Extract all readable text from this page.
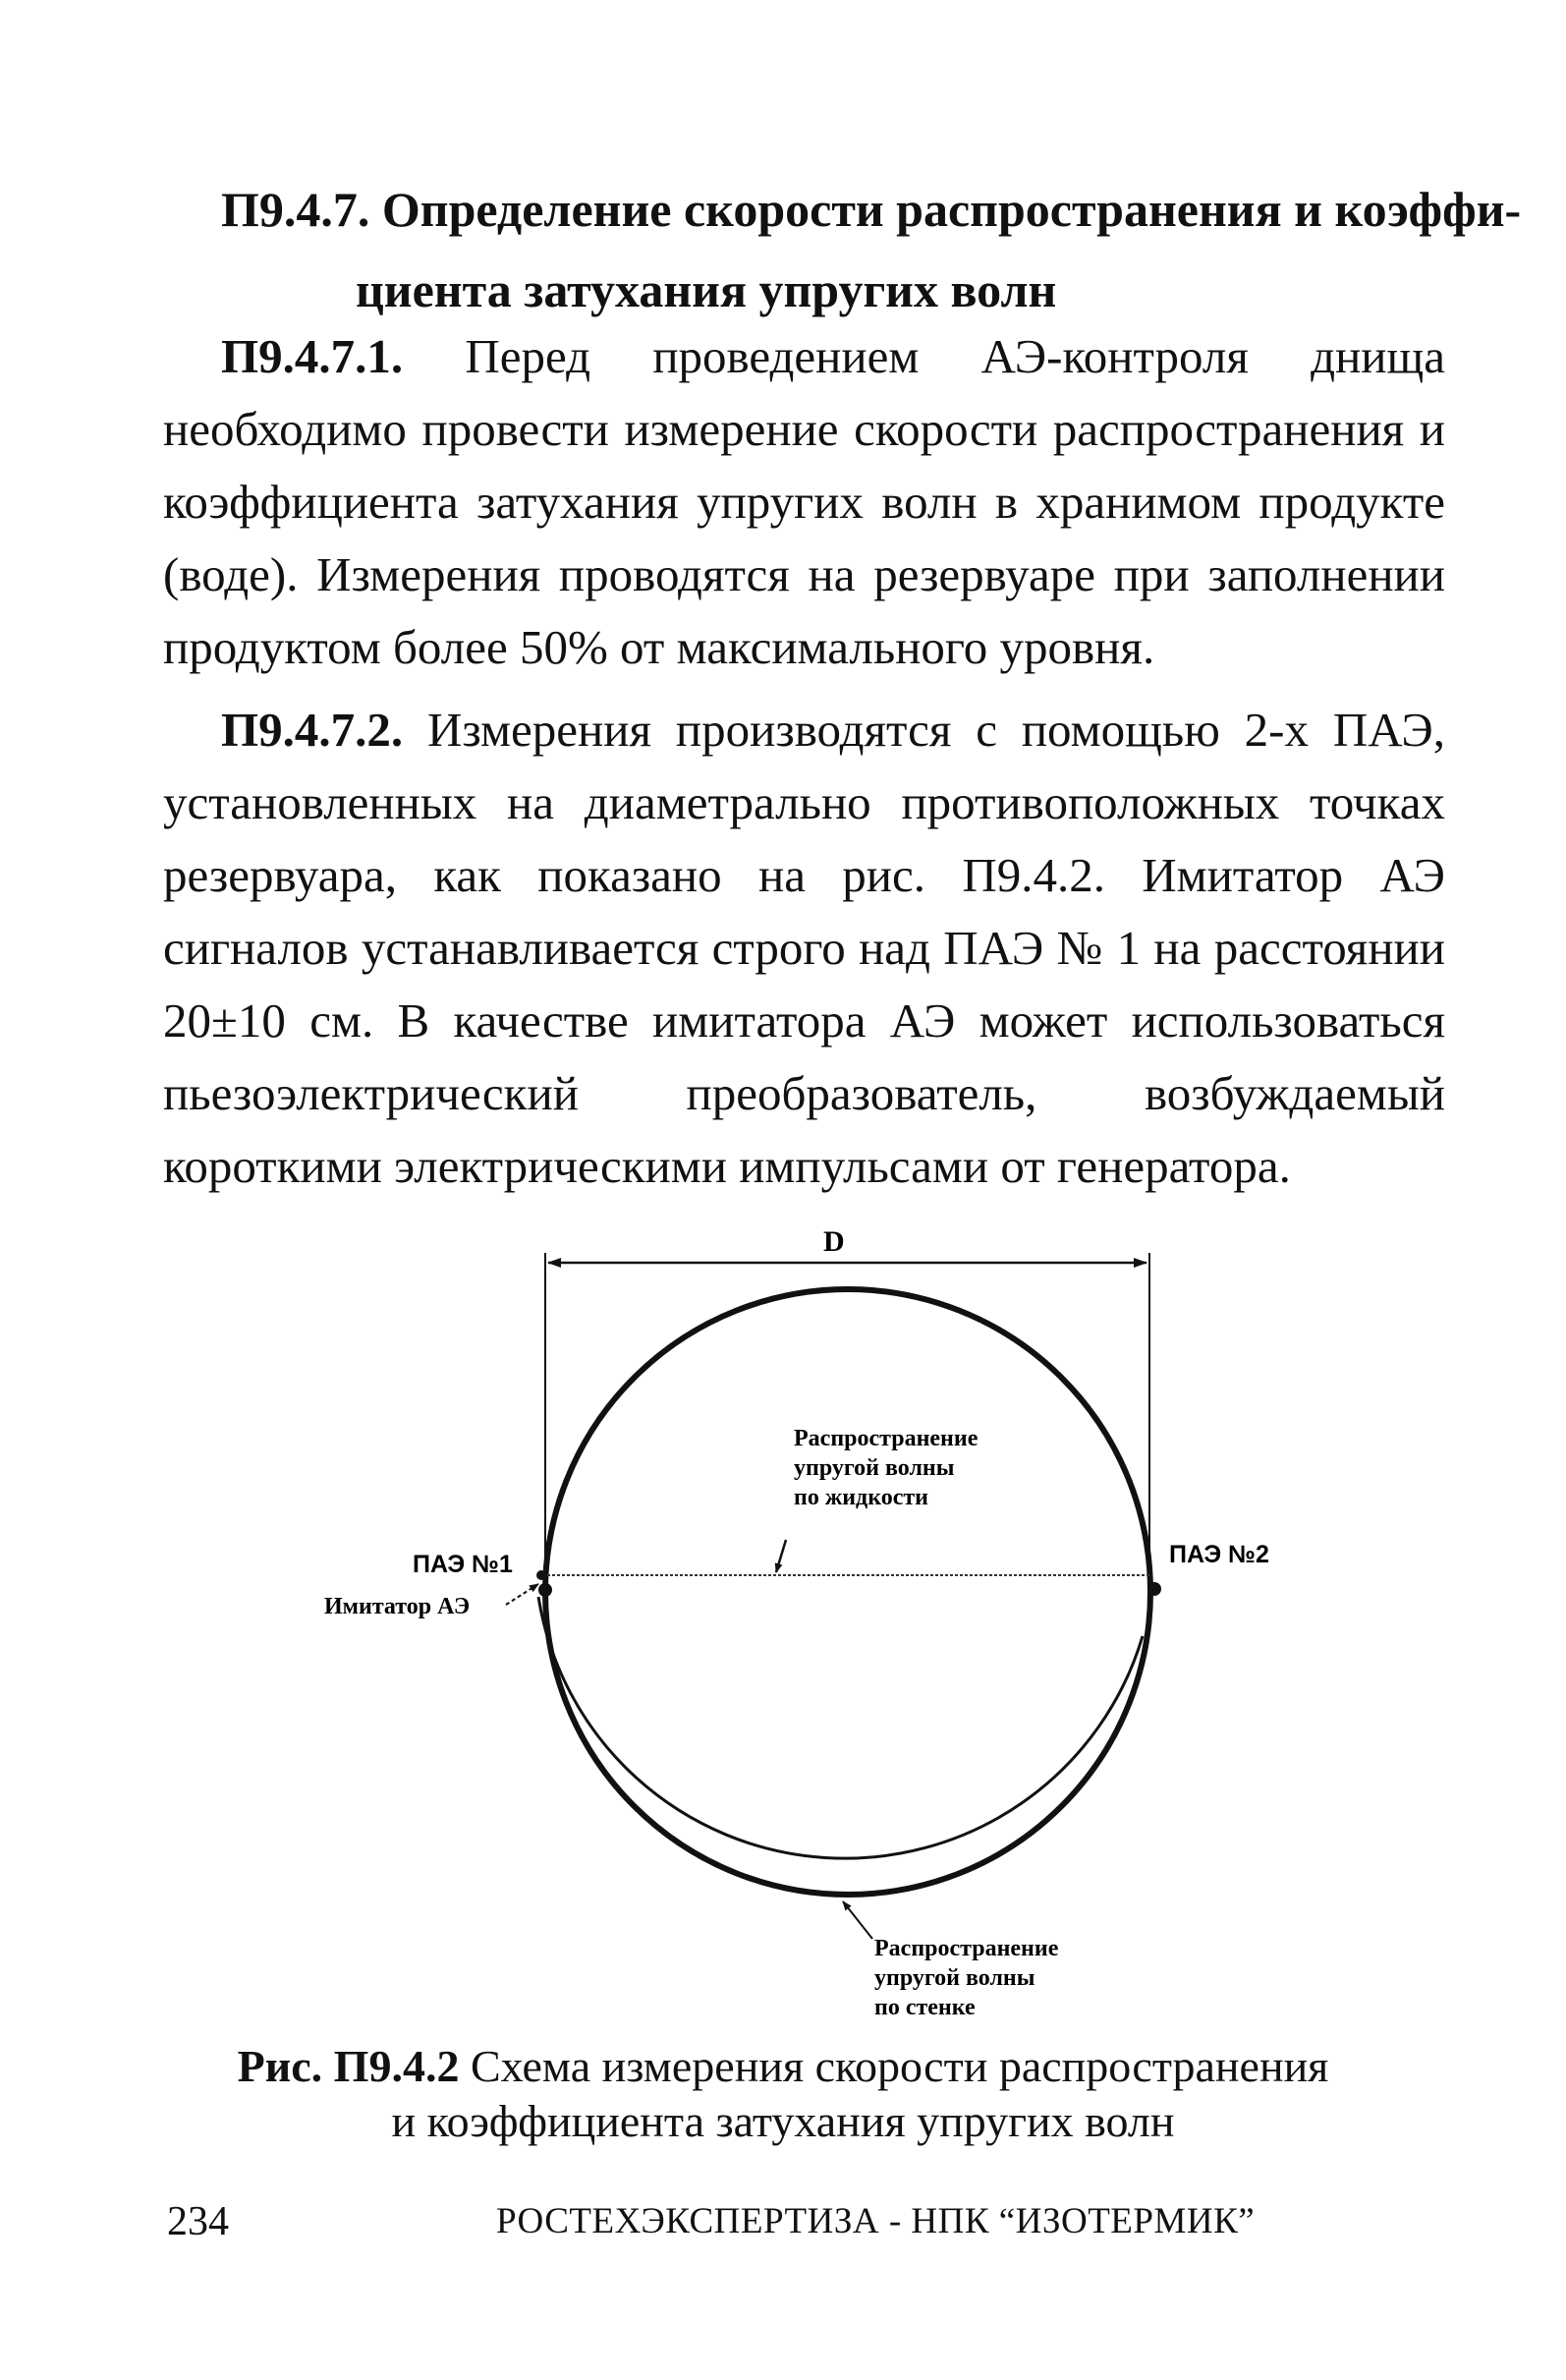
П9.4.7. Определение скорости распространения и коэффи-
циента затухания упругих волн

П9.4.7.1. Перед проведением АЭ-контроля днища необходимо провести измерение скорости распространения и коэффициента затухания упругих волн в хранимом продукте (воде). Измерения проводятся на резервуаре при заполнении продуктом более 50% от максимального уровня.

П9.4.7.2. Измерения производятся с помощью 2-х ПАЭ, установленных на диаметрально противоположных точках резервуара, как показано на рис. П9.4.2. Имитатор АЭ сигналов устанавливается строго над ПАЭ № 1 на расстоянии 20±10 см. В качестве имитатора АЭ может использоваться пьезоэлектрический преобразователь, возбуждаемый короткими электрическими импульсами от генератора.

D
ПАЭ №1	ПАЭ №2
Имитатор АЭ
Распространение
упругой волны
по жидкости
Распространение
упругой волны
по стенке
Рис. П9.4.2 Схема измерения скорости распространения
и коэффициента затухания упругих волн
234	РОСТЕХЭКСПЕРТИЗА - НПК “ИЗОТЕРМИК”
